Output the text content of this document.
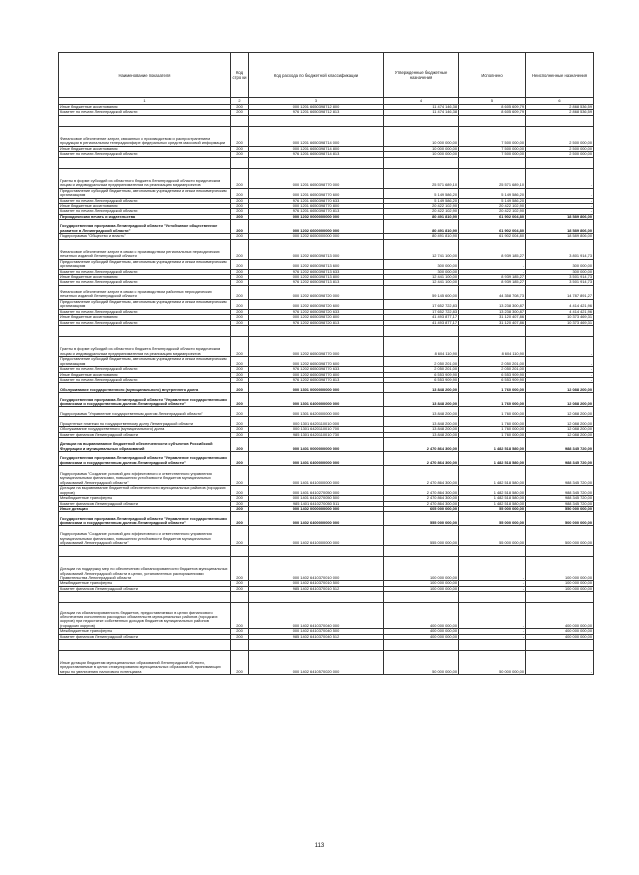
Наименование показателя	Код стро ки	Код расхода по бюджетной классификации	Утвержденные бюджетные назначения	Исполнено	Неисполненные назначения
1	2	3	4	5	6
Иные бюджетные ассигнования	200	000 1201 6650398712 800	11 474 146,38	8 605 609,79	2 868 536,59
Комитет по печати Ленинградской области	200	976 1201 6650398712 813	11 474 146,38	8 605 609,79	2 868 536,59

Финансовое обеспечение затрат, связанных с производством и распространением продукции в региональном телерадиоэфире федеральных средств массовой информации	200	000 1201 6650398714 000	10 000 000,00	7 500 000,00	2 500 000,00
Иные бюджетные ассигнования	200	000 1201 6650398714 800	10 000 000,00	7 500 000,00	2 500 000,00
Комитет по печати Ленинградской области	200	976 1201 6650398714 813	10 000 000,00	7 500 000,00	2 500 000,00

Гранты в форме субсидий из областного бюджета Ленинградской области юридическим лицам и индивидуальным предпринимателям на реализацию медиапроектов	200	000 1201 6650398770 000	25 571 689,10	25 571 689,10	-
Предоставление субсидий бюджетным, автономным учреждениям и иным некоммерческим организациям	200	000 1201 6650398770 600	5 149 586,20	5 149 586,20	-
Комитет по печати Ленинградской области	200	976 1201 6650398770 633	5 149 586,20	5 149 586,20	-
Иные бюджетные ассигнования	200	000 1201 6650398770 800	20 422 102,90	20 422 102,90	-
Комитет по печати Ленинградской области	200	976 1201 6650398770 813	20 422 102,90	20 422 102,90	-
Периодическая печать и издательства	200	000 1202 0000000000 000	80 491 810,90	61 902 004,80	18 589 806,00
Государственная программа Ленинградской области "Устойчивое общественное развитие в Ленинградской области"	200	000 1202 6600000000 000	80 491 810,90	61 902 004,80	18 589 806,00
Подпрограмма "Общество и власть"	200	000 1202 6650000000 000	80 491 810,90	61 902 004,80	18 589 806,00
Финансовое обеспечение затрат в связи с производством региональных периодических печатных изданий Ленинградской области	200	000 1202 6650398713 000	12 741 100,00	8 939 185,27	3 801 914,73
Предоставление субсидий бюджетным, автономным учреждениям и иным некоммерческим организациям	200	000 1202 6650398713 600	300 000,00	-	300 000,00
Комитет по печати Ленинградской области	200	976 1202 6650398713 633	300 000,00	-	300 000,00
Иные бюджетные ассигнования	200	000 1202 6650398713 800	12 441 100,00	8 939 185,27	3 501 914,73
Комитет по печати Ленинградской области	200	976 1202 6650398713 813	12 441 100,00	8 939 185,27	3 501 914,73
Финансовое обеспечение затрат в связи с производством районных периодических печатных изданий Ленинградской области	200	000 1202 6650398720 000	59 145 600,00	44 358 708,73	14 787 891,27
Предоставление субсидий бюджетным, автономным учреждениям и иным некоммерческим организациям	200	000 1202 6650398720 600	17 652 722,83	13 238 300,87	4 414 421,96
Комитет по печати Ленинградской области	200	976 1202 6650398720 633	17 652 722,83	13 238 300,87	4 414 421,96
Иные бюджетные ассигнования	200	000 1202 6650398720 800	41 493 877,17	31 120 407,86	10 373 469,31
Комитет по печати Ленинградской области	200	976 1202 6650398720 813	41 493 877,17	31 120 407,86	10 373 469,31

Гранты в форме субсидий из областного бюджета Ленинградской области юридическим лицам и индивидуальным предпринимателям на реализацию медиапроектов	200	000 1202 6650398770 000	8 604 110,90	8 604 110,90	-
Предоставление субсидий бюджетным, автономным учреждениям и иным некоммерческим организациям	200	000 1202 6650398770 600	2 050 201,00	2 050 201,00	-
Комитет по печати Ленинградской области	200	976 1202 6650398770 633	2 050 201,00	2 050 201,00	-
Иные бюджетные ассигнования	200	000 1202 6650398770 800	6 553 909,90	6 553 909,90	-
Комитет по печати Ленинградской области	200	976 1202 6650398770 813	6 553 909,90	6 553 909,90	-
Обслуживание государственного (муниципального) внутреннего долга	200	000 1301 0000000000 000	13 848 200,00	1 760 000,00	12 088 200,00
Государственная программа Ленинградской области "Управление государственными финансами и государственным долгом Ленинградской области"	200	000 1301 6400000000 000	13 848 200,00	1 760 000,00	12 088 200,00
Подпрограмма "Управление государственным долгом Ленинградской области"	200	000 1301 6420000000 000	13 848 200,00	1 760 000,00	12 088 200,00
Процентные платежи по государственному долгу Ленинградской области	200	000 1301 6420110010 000	13 848 200,00	1 760 000,00	12 088 200,00
Обслуживание государственного (муниципального) долга	200	000 1301 6420110010 700	13 848 200,00	1 760 000,00	12 088 200,00
Комитет финансов Ленинградской области	200	985 1301 6420110010 730	13 848 200,00	1 760 000,00	12 088 200,00
Дотации на выравнивание бюджетной обеспеченности субъектов Российской Федерации и муниципальных образований	200	000 1401 0000000000 000	2 470 864 300,00	1 482 518 580,00	988 345 720,00
Государственная программа Ленинградской области "Управление государственными финансами и государственным долгом Ленинградской области"	200	000 1401 6400000000 000	2 470 864 300,00	1 482 518 580,00	988 345 720,00
Подпрограмма "Создание условий для эффективного и ответственного управления муниципальными финансами, повышения устойчивости бюджетов муниципальных образований Ленинградской области"	200	000 1401 6410000000 000	2 470 864 300,00	1 482 518 580,00	988 345 720,00
Дотации на выравнивание бюджетной обеспеченности муниципальных районов (городских округов)	200	000 1401 6410270050 000	2 470 864 300,00	1 482 518 580,00	988 345 720,00
Межбюджетные трансферты	200	000 1401 6410270050 500	2 470 864 300,00	1 482 518 580,00	988 345 720,00
Комитет финансов Ленинградской области	200	985 1401 6410270050 511	2 470 864 300,00	1 482 518 580,00	988 345 720,00
Иные дотации	200	000 1402 0000000000 000	605 000 000,00	55 000 000,00	550 000 000,00
Государственная программа Ленинградской области "Управление государственными финансами и государственным долгом Ленинградской области"	200	000 1402 6400000000 000	555 000 000,00	55 000 000,00	500 000 000,00
Подпрограмма "Создание условий для эффективного и ответственного управления муниципальными финансами, повышения устойчивости бюджетов муниципальных образований Ленинградской области"	200	000 1402 6410000000 000	555 000 000,00	55 000 000,00	500 000 000,00

Дотации на поддержку мер по обеспечению сбалансированности бюджетов муниципальных образований Ленинградской области в целях, установленных распоряжениями Правительства Ленинградской области	200	000 1402 6410370010 000	100 000 000,00	-	100 000 000,00
Межбюджетные трансферты	200	000 1402 6410370010 500	100 000 000,00	-	100 000 000,00
Комитет финансов Ленинградской области	200	985 1402 6410370010 512	100 000 000,00	-	100 000 000,00

Дотации на сбалансированность бюджетов, предоставляемых в целях финансового обеспечения исполнения расходных обязательств муниципальных районов (городских округов) при недостатке собственных доходов бюджетов муниципальных районов (городских округов)	200	000 1402 6410370040 000	400 000 000,00	-	400 000 000,00
Межбюджетные трансферты	200	000 1402 6410370040 500	400 000 000,00	-	400 000 000,00
Комитет финансов Ленинградской области	200	985 1402 6410370040 512	400 000 000,00	-	400 000 000,00

Иные дотации бюджетам муниципальных образований Ленинградской области, предоставляемые в целях стимулирования муниципальных образований, принимающих меры по увеличению налогового потенциала	200	000 1402 6410570020 000	50 000 000,00	50 000 000,00	-
113
